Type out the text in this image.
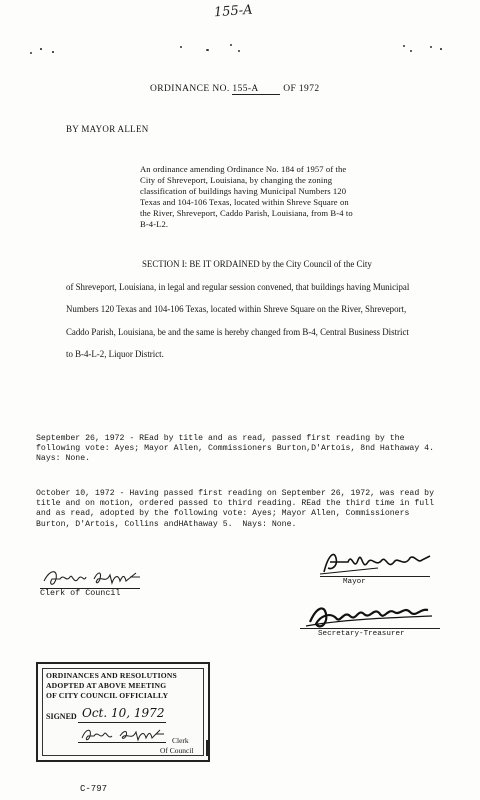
155-A
ORDINANCE NO. 155-A	OF 1972
BY MAYOR ALLEN
An ordinance amending Ordinance No. 184 of 1957 of the City of Shreveport, Louisiana, by changing the zoning classification of buildings having Municipal Numbers 120 Texas and 104-106 Texas, located within Shreve Square on the River, Shreveport, Caddo Parish, Louisiana, from B-4 to B-4-L2.
SECTION I: BE IT ORDAINED by the City Council of the City
of Shreveport, Louisiana, in legal and regular session convened, that buildings having Municipal Numbers 120 Texas and 104-106 Texas, located within Shreve Square on the River, Shreveport, Caddo Parish, Louisiana, be and the same is hereby changed from B-4, Central Business District to B-4-L-2, Liquor District.
September 26, 1972 - REad by title and as read, passed first reading by the following vote: Ayes; Mayor Allen, Commissioners Burton,D'Artois, 8nd Hathaway 4. Nays: None.
October 10, 1972 - Having passed first reading on September 26, 1972, was read by title and on motion, ordered passed to third reading. REad the third time in full and as read, adopted by the following vote: Ayes; Mayor Allen, Commissioners Burton, D'Artois, Collins andHAthaway 5.  Nays: None.
Clerk of Council
Mayor
Secretary-Treasurer
ORDINANCES AND RESOLUTIONS
ADOPTED AT ABOVE MEETING
OF CITY COUNCIL OFFICIALLY
SIGNED Oct. 10, 1972
Clerk
Of Council
C-797
